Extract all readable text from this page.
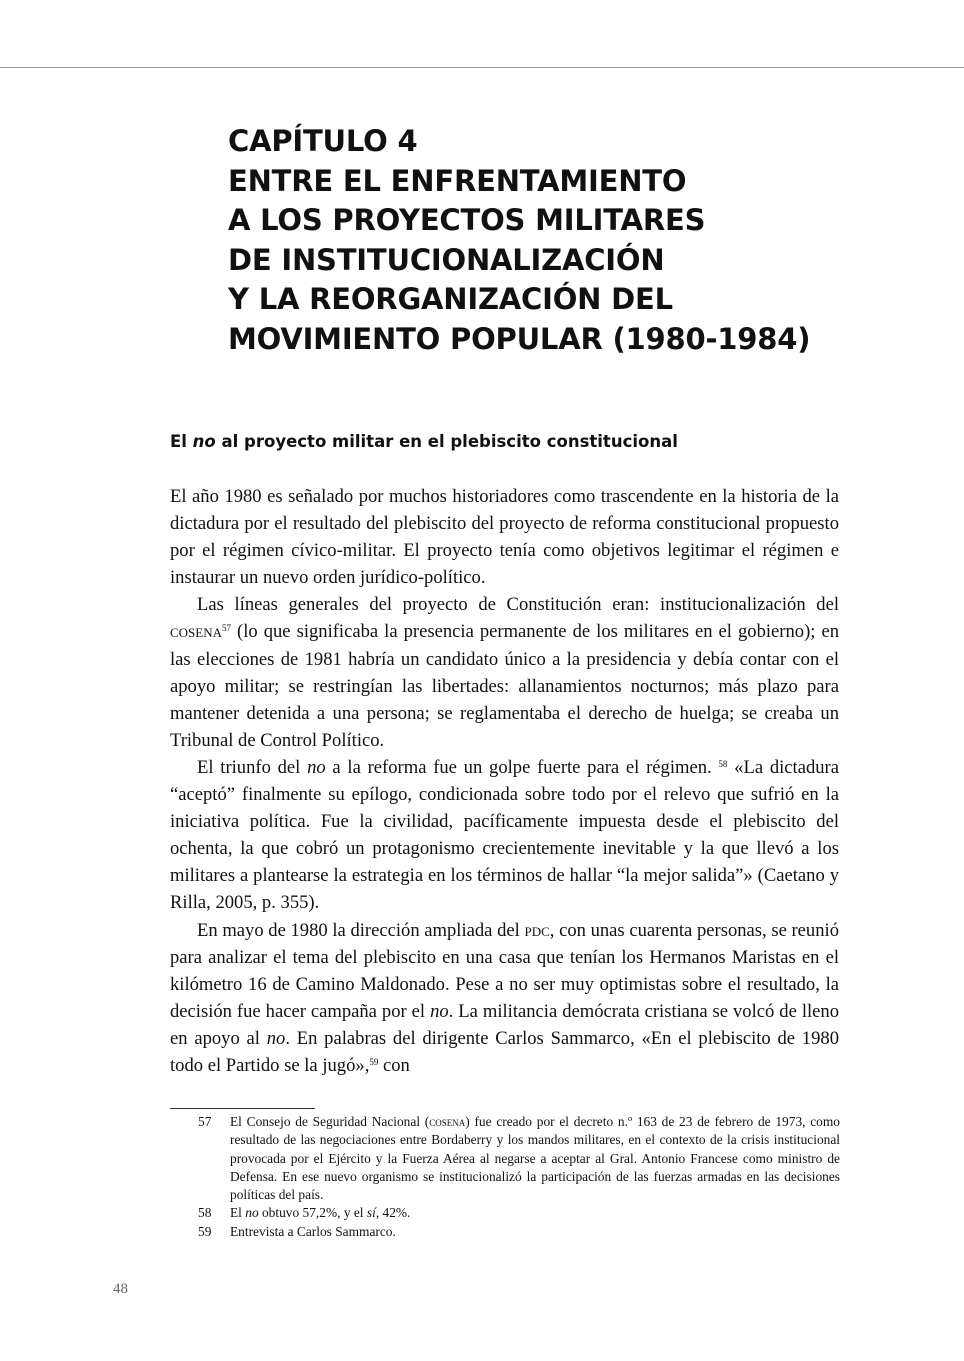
CAPÍTULO 4
ENTRE EL ENFRENTAMIENTO
A LOS PROYECTOS MILITARES
DE INSTITUCIONALIZACIÓN
Y LA REORGANIZACIÓN DEL
MOVIMIENTO POPULAR (1980-1984)
El no al proyecto militar en el plebiscito constitucional

El año 1980 es señalado por muchos historiadores como trascendente en la historia de la dictadura por el resultado del plebiscito del proyecto de reforma constitucional propuesto por el régimen cívico-militar. El proyecto tenía como objetivos legitimar el régimen e instaurar un nuevo orden jurídico-político.

Las líneas generales del proyecto de Constitución eran: institucionalización del cosena$^{57}$ (lo que significaba la presencia permanente de los militares en el gobierno); en las elecciones de 1981 habría un candidato único a la presidencia y debía contar con el apoyo militar; se restringían las libertades: allanamientos nocturnos; más plazo para mantener detenida a una persona; se reglamentaba el derecho de huelga; se creaba un Tribunal de Control Político.

El triunfo del no a la reforma fue un golpe fuerte para el régimen. $^{58}$ «La dictadura “aceptó” finalmente su epílogo, condicionada sobre todo por el relevo que sufrió en la iniciativa política. Fue la civilidad, pacíficamente impuesta desde el plebiscito del ochenta, la que cobró un protagonismo crecientemente inevitable y la que llevó a los militares a plantearse la estrategia en los términos de hallar “la mejor salida”» (Caetano y Rilla, 2005, p. 355).

En mayo de 1980 la dirección ampliada del pdc, con unas cuarenta personas, se reunió para analizar el tema del plebiscito en una casa que tenían los Hermanos Maristas en el kilómetro 16 de Camino Maldonado. Pese a no ser muy optimistas sobre el resultado, la decisión fue hacer campaña por el no. La militancia demócrata cristiana se volcó de lleno en apoyo al no. En palabras del dirigente Carlos Sammarco, «En el plebiscito de 1980 todo el Partido se la jugó»,$^{59}$ con

57	El Consejo de Seguridad Nacional (cosena) fue creado por el decreto n.º 163 de 23 de febrero de 1973, como resultado de las negociaciones entre Bordaberry y los mandos militares, en el contexto de la crisis institucional provocada por el Ejército y la Fuerza Aérea al negarse a aceptar al Gral. Antonio Francese como ministro de Defensa. En ese nuevo organismo se institucionalizó la participación de las fuerzas armadas en las decisiones políticas del país.
58	El no obtuvo 57,2%, y el sí, 42%.
59	Entrevista a Carlos Sammarco.
48
